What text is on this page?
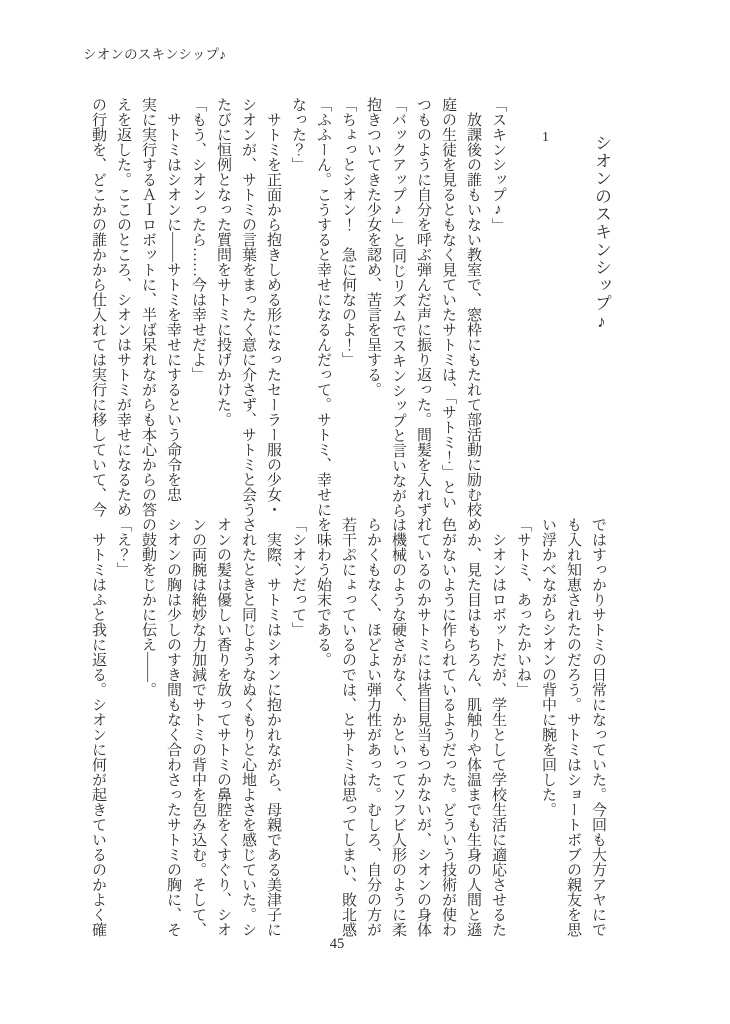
シオンのスキンシップ♪
シオンのスキンシップ♪
1
「スキンシップ♪」
　放課後の誰もいない教室で、窓枠にもたれて部活動に励む校
庭の生徒を見るともなく見ていたサトミは、「サトミ！」とい
つものように自分を呼ぶ弾んだ声に振り返った。間髪を入れず、
「バックアップ♪」と同じリズムでスキンシップと言いながら
抱きついてきた少女を認め、苦言を呈する。
「ちょっとシオン！　急に何なのよ！」
「ふふーん。こうすると幸せになるんだって。サトミ、幸せに
なった？」
　サトミを正面から抱きしめる形になったセーラー服の少女・
シオンが、サトミの言葉をまったく意に介さず、サトミと会う
たびに恒例となった質問をサトミに投げかけた。
「もう、シオンったら……今は幸せだよ」
　サトミはシオンに——サトミを幸せにするという命令を忠
実に実行するＡＩロボットに、半ば呆れながらも本心からの答
えを返した。ここのところ、シオンはサトミが幸せになるため
の行動を、どこかの誰かから仕入れては実行に移していて、今
ではすっかりサトミの日常になっていた。今回も大方アヤにで
も入れ知恵されたのだろう。サトミはショートボブの親友を思
い浮かべながらシオンの背中に腕を回した。
「サトミ、あったかいね」
　シオンはロボットだが、学生として学校生活に適応させるた
めか、見た目はもちろん、肌触りや体温までも生身の人間と遜
色がないように作られているようだった。どういう技術が使わ
れているのかサトミには皆目見当もつかないが、シオンの身体
は機械のような硬さがなく、かといってソフビ人形のように柔
らかくもなく、ほどよい弾力性があった。むしろ、自分の方が
若干ぷにょっているのでは、とサトミは思ってしまい、敗北感
を味わう始末である。
「シオンだって」
　実際、サトミはシオンに抱かれながら、母親である美津子に
されたときと同じようなぬくもりと心地よさを感じていた。シ
オンの髪は優しい香りを放ってサトミの鼻腔をくすぐり、シオ
ンの両腕は絶妙な力加減でサトミの背中を包み込む。そして、
シオンの胸は少しのすき間もなく合わさったサトミの胸に、そ
の鼓動をじかに伝え——。
「え？」
　サトミはふと我に返る。シオンに何が起きているのかよく確
45
